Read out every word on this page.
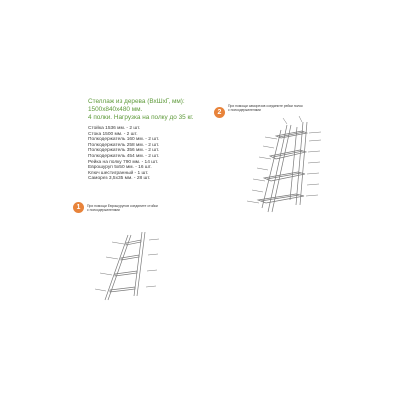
Стеллаж из дерева (ВхШхГ, мм):
1500х840х480 мм.
4 полки. Нагрузка на полку до 35 кг.
Стойка 1536 мм. - 2 шт.
Стока 1500 мм. - 2 шт.
Полкодержатель 160 мм. - 2 шт.
Полкодержатель 258 мм. - 2 шт.
Полкодержатель 356 мм. - 2 шт.
Полкодержатель 454 мм. - 2 шт.
Рейка на полку 790 мм. - 14 шт.
Еврошуруп 5х50 мм. - 16 шт.
Ключ шестигранный - 1 шт.
Саморез 3,5х35 мм. - 28 шт.
1	При помощи Еврошурупов соедините стойки
с полкодержателями
2
При помощи саморезов соедините рейки полок
с полкодержателями
